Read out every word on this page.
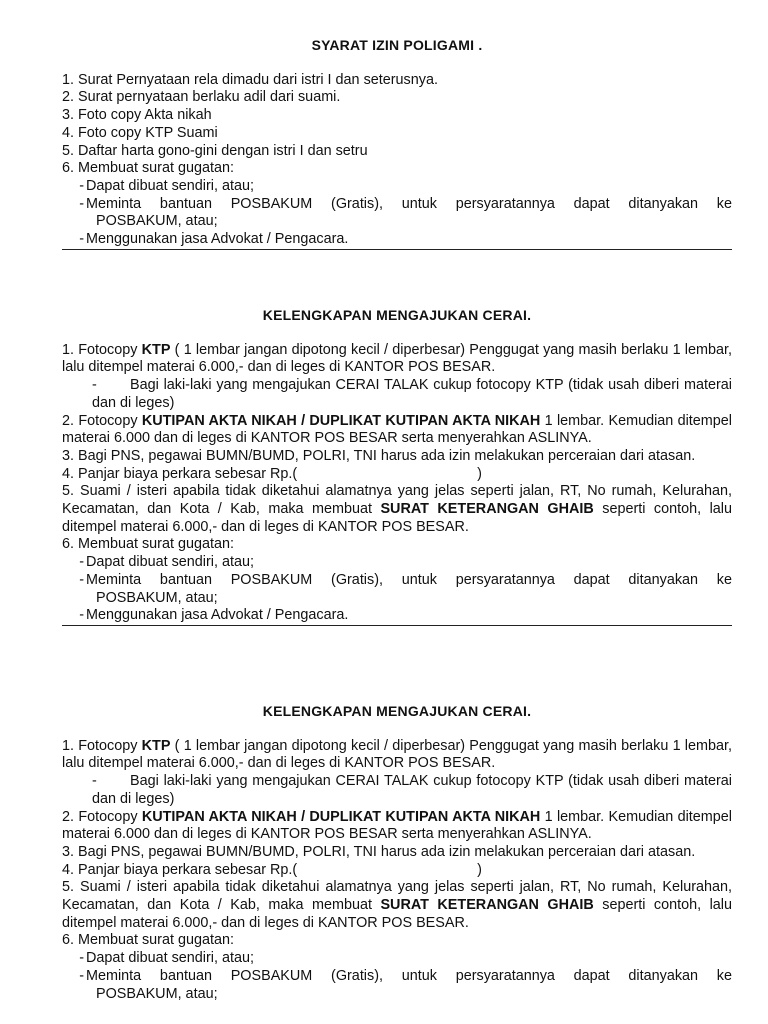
SYARAT IZIN POLIGAMI .
1. Surat Pernyataan rela dimadu dari istri I dan seterusnya.
2. Surat pernyataan berlaku adil dari suami.
3. Foto copy Akta nikah
4. Foto copy KTP Suami
5. Daftar harta gono-gini dengan istri I dan setru
6. Membuat surat gugatan:
- Dapat dibuat sendiri, atau;
- Meminta bantuan POSBAKUM (Gratis), untuk persyaratannya dapat ditanyakan ke
POSBAKUM, atau;
- Menggunakan jasa Advokat / Pengacara.
KELENGKAPAN MENGAJUKAN CERAI.
1. Fotocopy KTP ( 1 lembar jangan dipotong kecil / diperbesar) Penggugat yang masih berlaku 1 lembar, lalu ditempel materai 6.000,- dan di leges di KANTOR POS BESAR.
-	Bagi laki-laki yang mengajukan CERAI TALAK cukup fotocopy KTP (tidak usah diberi materai dan di leges)
2. Fotocopy KUTIPAN AKTA NIKAH / DUPLIKAT KUTIPAN AKTA NIKAH 1 lembar. Kemudian ditempel materai 6.000 dan di leges di KANTOR POS BESAR serta menyerahkan ASLINYA.
3. Bagi PNS, pegawai BUMN/BUMD, POLRI, TNI harus ada izin melakukan perceraian dari atasan.
4. Panjar biaya perkara sebesar Rp.(	)
5. Suami / isteri apabila tidak diketahui alamatnya yang jelas seperti jalan, RT, No rumah, Kelurahan, Kecamatan, dan Kota / Kab, maka membuat SURAT KETERANGAN GHAIB seperti contoh, lalu ditempel materai 6.000,- dan di leges di KANTOR POS BESAR.
6. Membuat surat gugatan:
- Dapat dibuat sendiri, atau;
- Meminta bantuan POSBAKUM (Gratis), untuk persyaratannya dapat ditanyakan ke
POSBAKUM, atau;
- Menggunakan jasa Advokat / Pengacara.
KELENGKAPAN MENGAJUKAN CERAI.
1. Fotocopy KTP ( 1 lembar jangan dipotong kecil / diperbesar) Penggugat yang masih berlaku 1 lembar, lalu ditempel materai 6.000,- dan di leges di KANTOR POS BESAR.
-	Bagi laki-laki yang mengajukan CERAI TALAK cukup fotocopy KTP (tidak usah diberi materai dan di leges)
2. Fotocopy KUTIPAN AKTA NIKAH / DUPLIKAT KUTIPAN AKTA NIKAH 1 lembar. Kemudian ditempel materai 6.000 dan di leges di KANTOR POS BESAR serta menyerahkan ASLINYA.
3. Bagi PNS, pegawai BUMN/BUMD, POLRI, TNI harus ada izin melakukan perceraian dari atasan.
4. Panjar biaya perkara sebesar Rp.(	)
5. Suami / isteri apabila tidak diketahui alamatnya yang jelas seperti jalan, RT, No rumah, Kelurahan, Kecamatan, dan Kota / Kab, maka membuat SURAT KETERANGAN GHAIB seperti contoh, lalu ditempel materai 6.000,- dan di leges di KANTOR POS BESAR.
6. Membuat surat gugatan:
- Dapat dibuat sendiri, atau;
- Meminta bantuan POSBAKUM (Gratis), untuk persyaratannya dapat ditanyakan ke
POSBAKUM, atau;
